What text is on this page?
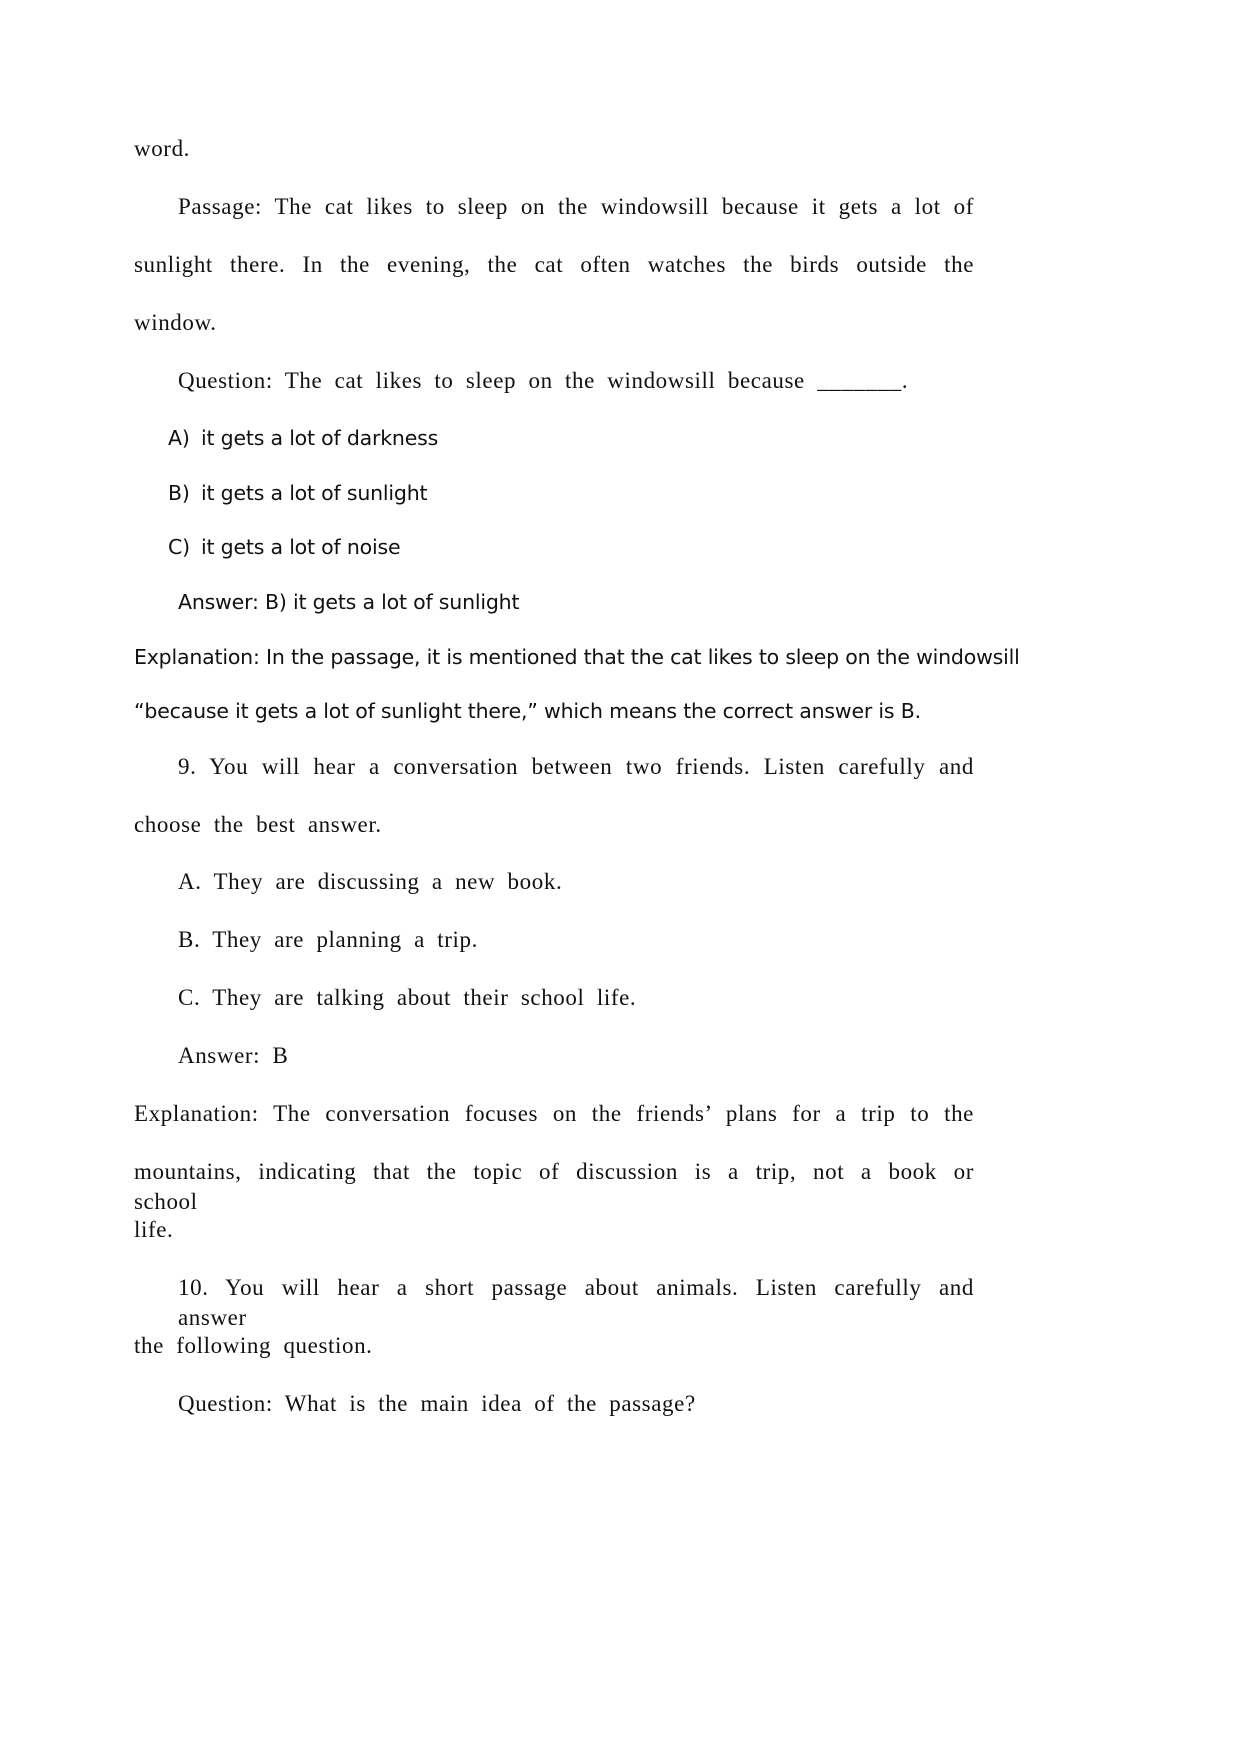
word.
Passage: The cat likes to sleep on the windowsill because it gets a lot of
sunlight there. In the evening, the cat often watches the birds outside the
window.
Question: The cat likes to sleep on the windowsill because _______.
A) it gets a lot of darkness
B) it gets a lot of sunlight
C) it gets a lot of noise
Answer: B) it gets a lot of sunlight
Explanation: In the passage, it is mentioned that the cat likes to sleep on the windowsill
“because it gets a lot of sunlight there,” which means the correct answer is B.
9. You will hear a conversation between two friends. Listen carefully and
choose the best answer.
A. They are discussing a new book.
B. They are planning a trip.
C. They are talking about their school life.
Answer: B
Explanation: The conversation focuses on the friends’ plans for a trip to the
mountains, indicating that the topic of discussion is a trip, not a book or school
life.
10. You will hear a short passage about animals. Listen carefully and answer
the following question.
Question: What is the main idea of the passage?
